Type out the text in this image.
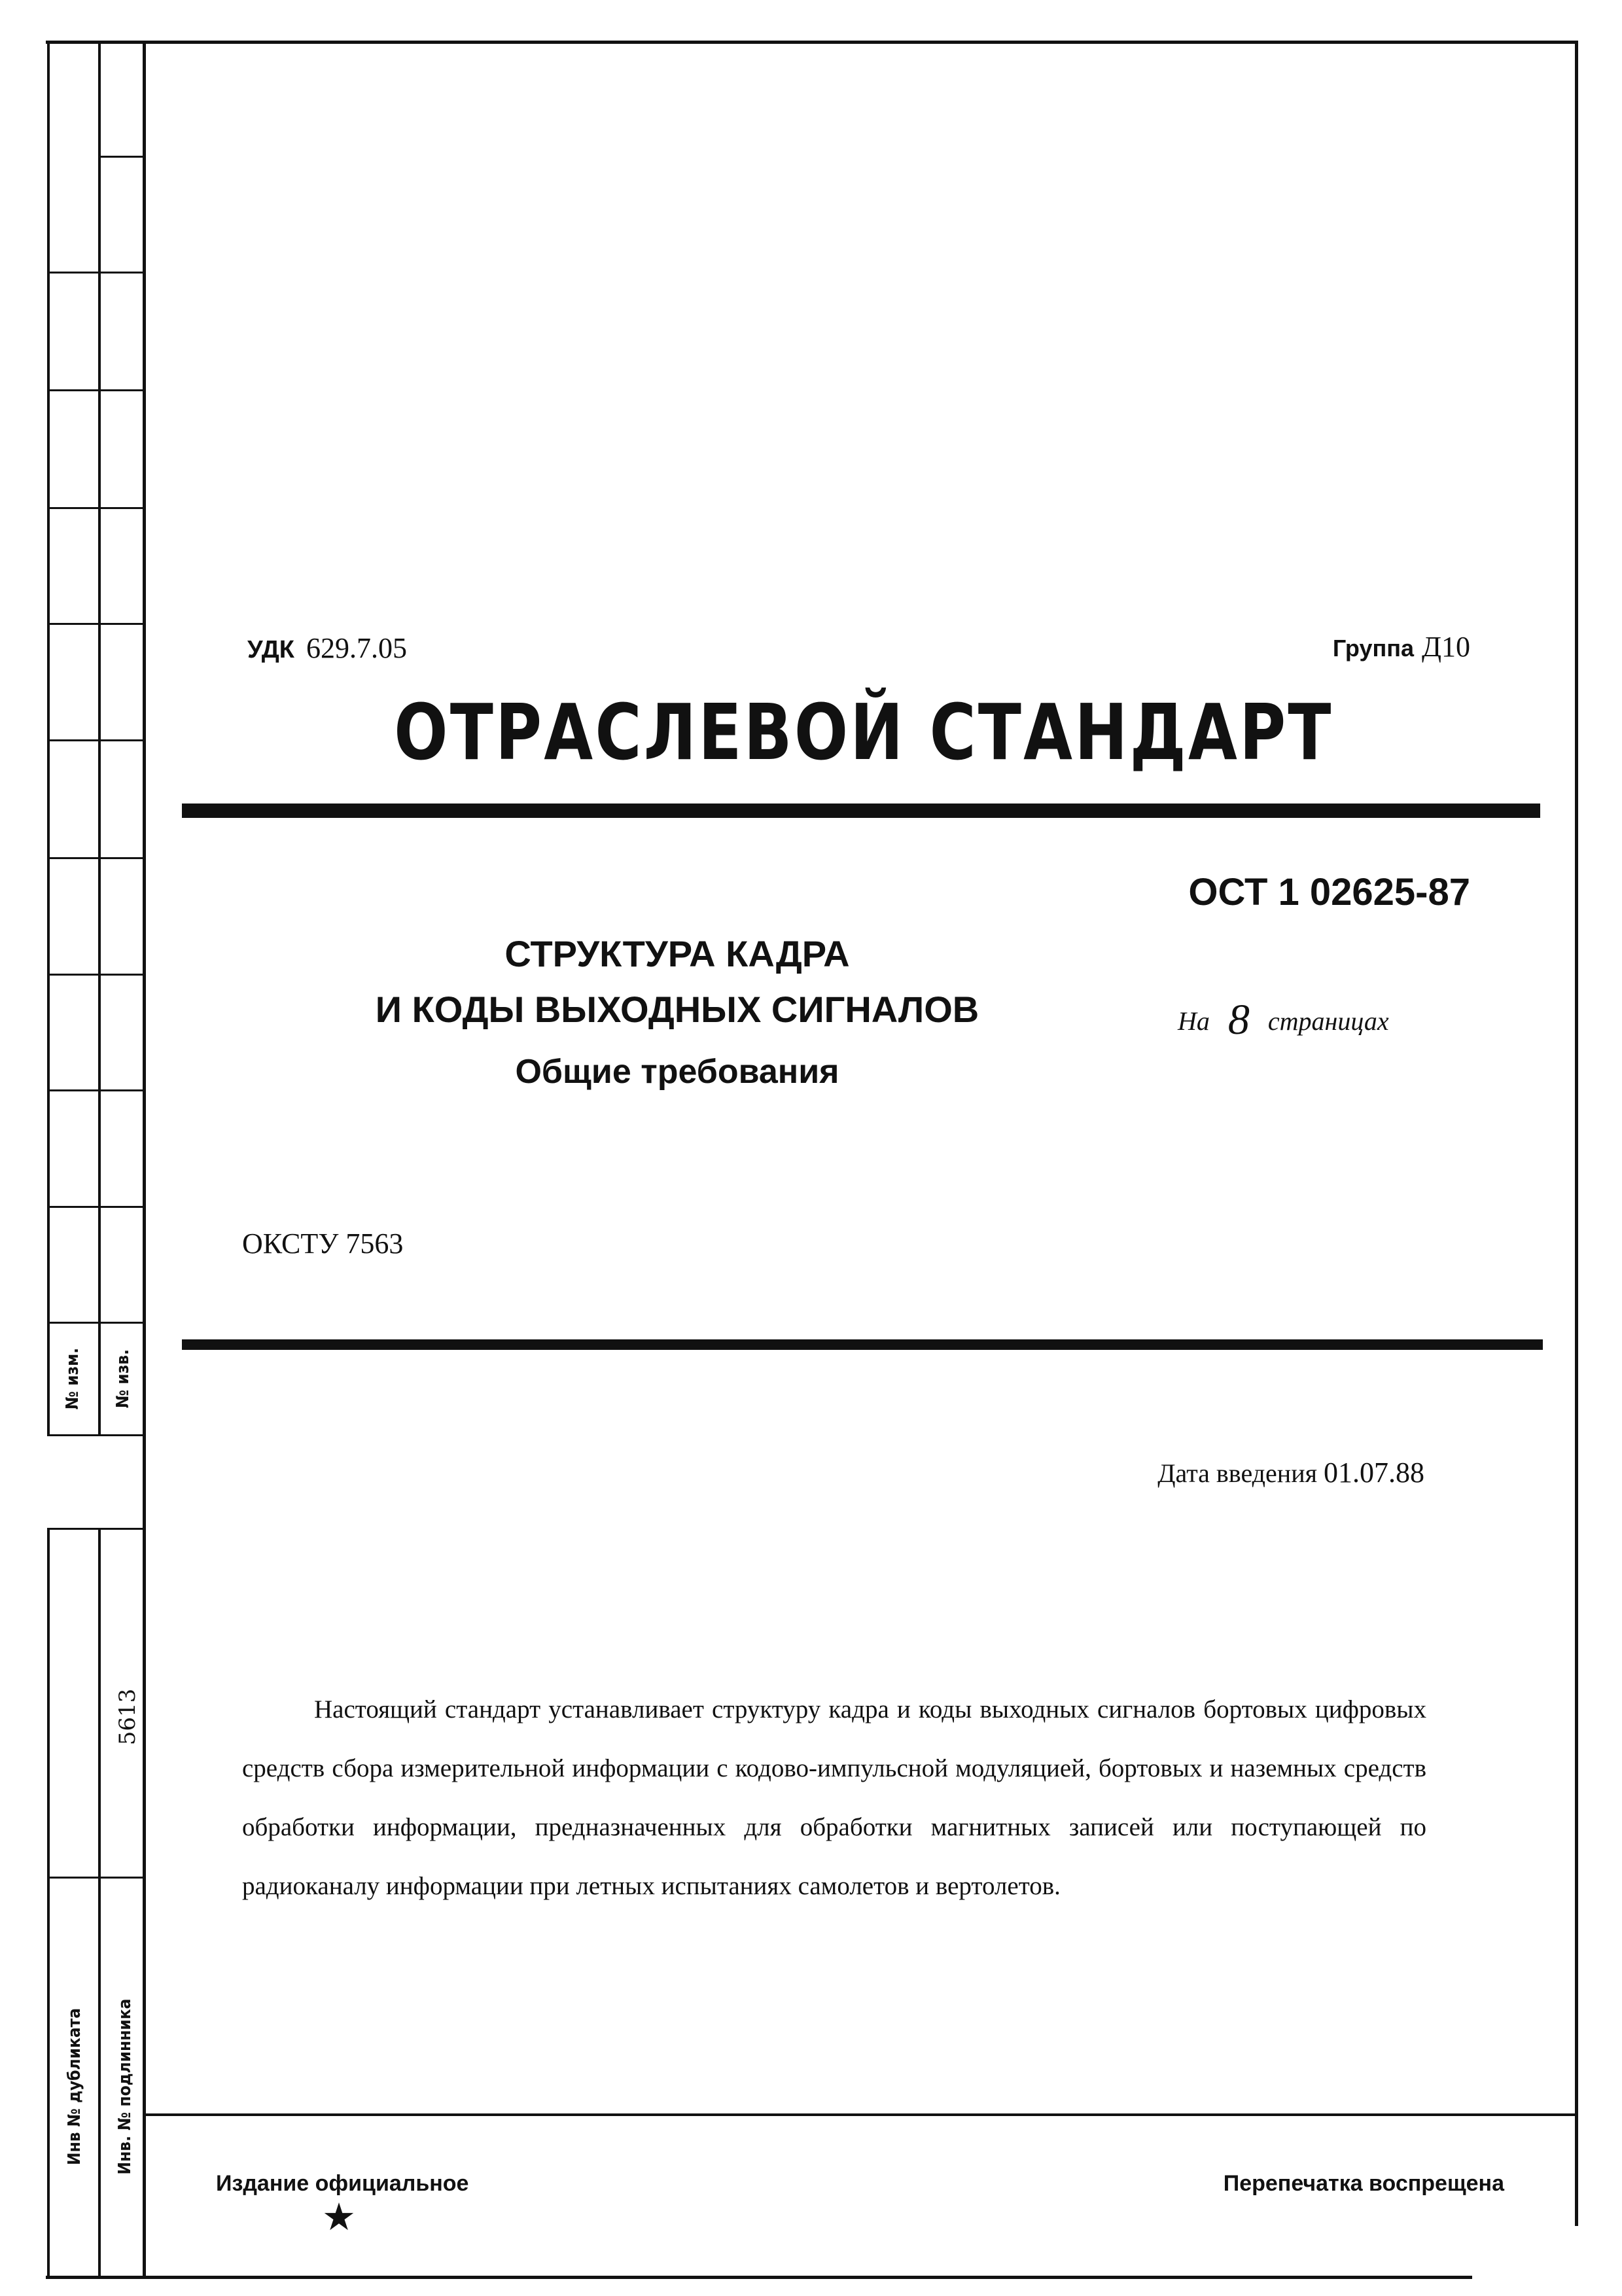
№ изм. № изв.
5613
Инв № дубликата Инв. № подлинника
УДК 629.7.05	Группа Д10
ОТРАСЛЕВОЙ СТАНДАРТ
ОСТ 1 02625-87
СТРУКТУРА КАДРА
И КОДЫ ВЫХОДНЫХ СИГНАЛОВ
Общие требования
На 8 страницах
ОКСТУ 7563
Дата введения 01.07.88

Настоящий стандарт устанавливает структуру кадра и коды выходных сигналов бортовых цифровых средств сбора измерительной информации с кодово-импульсной модуляцией, бортовых и наземных средств обработки информации, предназначенных для обработки магнитных записей или поступающей по радиоканалу информации при летных испытаниях самолетов и вертолетов.

Издание официальное
★
Перепечатка воспрещена
